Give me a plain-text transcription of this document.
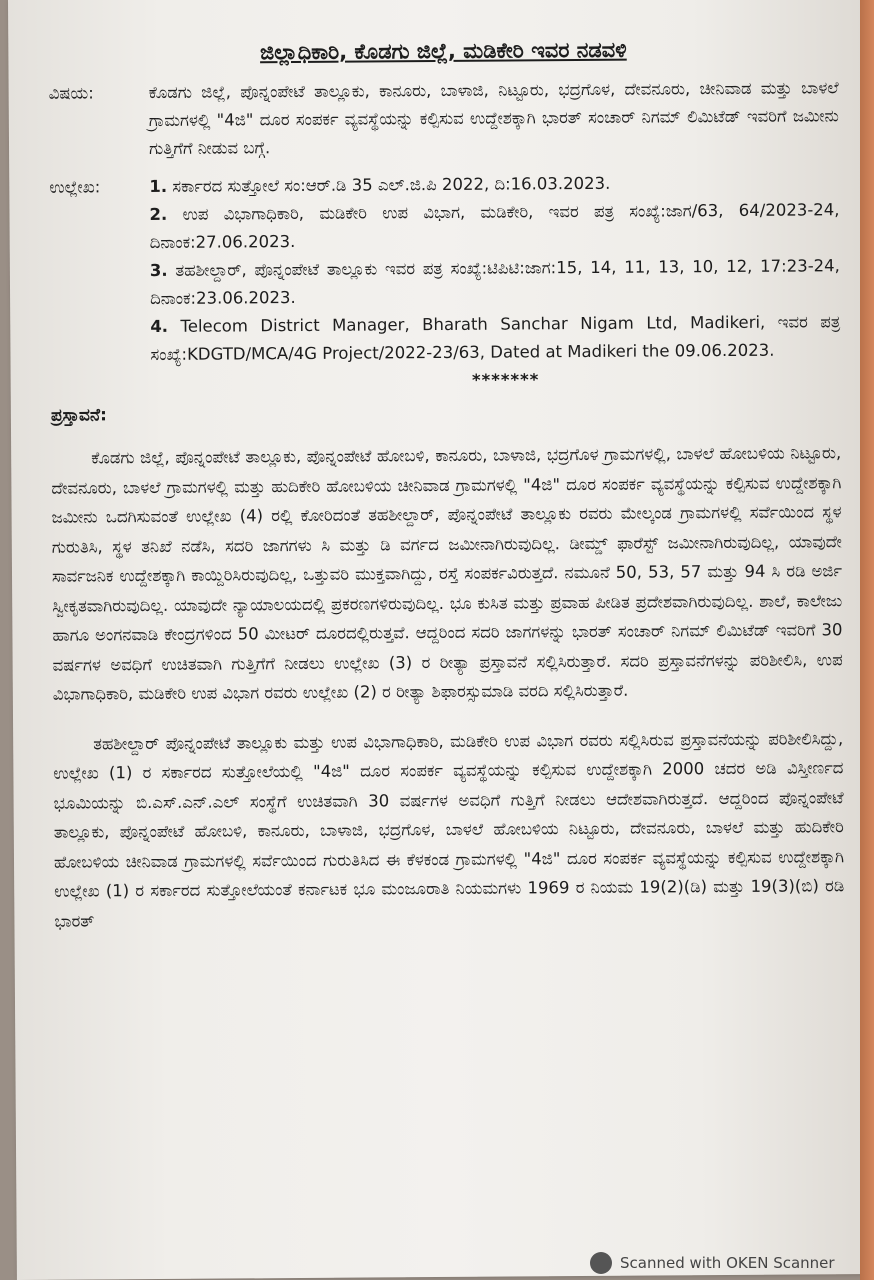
ಜಿಲ್ಲಾಧಿಕಾರಿ, ಕೊಡಗು ಜಿಲ್ಲೆ, ಮಡಿಕೇರಿ ಇವರ ನಡವಳಿ
ವಿಷಯ:	ಕೊಡಗು ಜಿಲ್ಲೆ, ಪೊನ್ನಂಪೇಟೆ ತಾಲ್ಲೂಕು, ಕಾನೂರು, ಬಾಳಾಜಿ, ನಿಟ್ಟೂರು, ಭದ್ರಗೊಳ, ದೇವನೂರು, ಚೀನಿವಾಡ ಮತ್ತು ಬಾಳಲೆ ಗ್ರಾಮಗಳಲ್ಲಿ "4ಜಿ" ದೂರ ಸಂಪರ್ಕ ವ್ಯವಸ್ಥೆಯನ್ನು ಕಲ್ಪಿಸುವ ಉದ್ದೇಶಕ್ಕಾಗಿ ಭಾರತ್ ಸಂಚಾರ್ ನಿಗಮ್ ಲಿಮಿಟೆಡ್ ಇವರಿಗೆ ಜಮೀನು ಗುತ್ತಿಗೆಗೆ ನೀಡುವ ಬಗ್ಗೆ.
ಉಲ್ಲೇಖ:	1. ಸರ್ಕಾರದ ಸುತ್ತೋಲೆ ಸಂ:ಆರ್.ಡಿ 35 ಎಲ್.ಜಿ.ಪಿ 2022, ದಿ:16.03.2023.
2. ಉಪ ವಿಭಾಗಾಧಿಕಾರಿ, ಮಡಿಕೇರಿ ಉಪ ವಿಭಾಗ, ಮಡಿಕೇರಿ, ಇವರ ಪತ್ರ ಸಂಖ್ಯೆ:ಜಾಗ/63, 64/2023-24, ದಿನಾಂಕ:27.06.2023.
3. ತಹಶೀಲ್ದಾರ್, ಪೊನ್ನಂಪೇಟೆ ತಾಲ್ಲೂಕು ಇವರ ಪತ್ರ ಸಂಖ್ಯೆ:ಟಿಪಿಟಿ:ಜಾಗ:15, 14, 11, 13, 10, 12, 17:23-24, ದಿನಾಂಕ:23.06.2023.
4. Telecom District Manager, Bharath Sanchar Nigam Ltd, Madikeri, ಇವರ ಪತ್ರ ಸಂಖ್ಯೆ:KDGTD/MCA/4G Project/2022-23/63, Dated at Madikeri the 09.06.2023.
*******
ಪ್ರಸ್ತಾವನೆ:

ಕೊಡಗು ಜಿಲ್ಲೆ, ಪೊನ್ನಂಪೇಟೆ ತಾಲ್ಲೂಕು, ಪೊನ್ನಂಪೇಟೆ ಹೋಬಳಿ, ಕಾನೂರು, ಬಾಳಾಜಿ, ಭದ್ರಗೊಳ ಗ್ರಾಮಗಳಲ್ಲಿ, ಬಾಳಲೆ ಹೋಬಳಿಯ ನಿಟ್ಟೂರು, ದೇವನೂರು, ಬಾಳಲೆ ಗ್ರಾಮಗಳಲ್ಲಿ ಮತ್ತು ಹುದಿಕೇರಿ ಹೋಬಳಿಯ ಚೀನಿವಾಡ ಗ್ರಾಮಗಳಲ್ಲಿ "4ಜಿ" ದೂರ ಸಂಪರ್ಕ ವ್ಯವಸ್ಥೆಯನ್ನು ಕಲ್ಪಿಸುವ ಉದ್ದೇಶಕ್ಕಾಗಿ ಜಮೀನು ಒದಗಿಸುವಂತೆ ಉಲ್ಲೇಖ (4) ರಲ್ಲಿ ಕೋರಿದಂತೆ ತಹಶೀಲ್ದಾರ್, ಪೊನ್ನಂಪೇಟೆ ತಾಲ್ಲೂಕು ರವರು ಮೇಲ್ಕಂಡ ಗ್ರಾಮಗಳಲ್ಲಿ ಸರ್ವೆಯಿಂದ ಸ್ಥಳ ಗುರುತಿಸಿ, ಸ್ಥಳ ತನಿಖೆ ನಡೆಸಿ, ಸದರಿ ಜಾಗಗಳು ಸಿ ಮತ್ತು ಡಿ ವರ್ಗದ ಜಮೀನಾಗಿರುವುದಿಲ್ಲ. ಡೀಮ್ಡ್ ಫಾರೆಸ್ಟ್ ಜಮೀನಾಗಿರುವುದಿಲ್ಲ, ಯಾವುದೇ ಸಾರ್ವಜನಿಕ ಉದ್ದೇಶಕ್ಕಾಗಿ ಕಾಯ್ದಿರಿಸಿರುವುದಿಲ್ಲ, ಒತ್ತುವರಿ ಮುಕ್ತವಾಗಿದ್ದು, ರಸ್ತೆ ಸಂಪರ್ಕವಿರುತ್ತದೆ. ನಮೂನೆ 50, 53, 57 ಮತ್ತು 94 ಸಿ ರಡಿ ಅರ್ಜಿ ಸ್ವೀಕೃತವಾಗಿರುವುದಿಲ್ಲ. ಯಾವುದೇ ನ್ಯಾಯಾಲಯದಲ್ಲಿ ಪ್ರಕರಣಗಳಿರುವುದಿಲ್ಲ. ಭೂ ಕುಸಿತ ಮತ್ತು ಪ್ರವಾಹ ಪೀಡಿತ ಪ್ರದೇಶವಾಗಿರುವುದಿಲ್ಲ. ಶಾಲೆ, ಕಾಲೇಜು ಹಾಗೂ ಅಂಗನವಾಡಿ ಕೇಂದ್ರಗಳಿಂದ 50 ಮೀಟರ್ ದೂರದಲ್ಲಿರುತ್ತವೆ. ಆದ್ದರಿಂದ ಸದರಿ ಜಾಗಗಳನ್ನು ಭಾರತ್ ಸಂಚಾರ್ ನಿಗಮ್ ಲಿಮಿಟೆಡ್ ಇವರಿಗೆ 30 ವರ್ಷಗಳ ಅವಧಿಗೆ ಉಚಿತವಾಗಿ ಗುತ್ತಿಗೆಗೆ ನೀಡಲು ಉಲ್ಲೇಖ (3) ರ ರೀತ್ಯಾ ಪ್ರಸ್ತಾವನೆ ಸಲ್ಲಿಸಿರುತ್ತಾರೆ. ಸದರಿ ಪ್ರಸ್ತಾವನೆಗಳನ್ನು ಪರಿಶೀಲಿಸಿ, ಉಪ ವಿಭಾಗಾಧಿಕಾರಿ, ಮಡಿಕೇರಿ ಉಪ ವಿಭಾಗ ರವರು ಉಲ್ಲೇಖ (2) ರ ರೀತ್ಯಾ ಶಿಫಾರಸ್ಸುಮಾಡಿ ವರದಿ ಸಲ್ಲಿಸಿರುತ್ತಾರೆ.

ತಹಶೀಲ್ದಾರ್ ಪೊನ್ನಂಪೇಟೆ ತಾಲ್ಲೂಕು ಮತ್ತು ಉಪ ವಿಭಾಗಾಧಿಕಾರಿ, ಮಡಿಕೇರಿ ಉಪ ವಿಭಾಗ ರವರು ಸಲ್ಲಿಸಿರುವ ಪ್ರಸ್ತಾವನೆಯನ್ನು ಪರಿಶೀಲಿಸಿದ್ದು, ಉಲ್ಲೇಖ (1) ರ ಸರ್ಕಾರದ ಸುತ್ತೋಲೆಯಲ್ಲಿ "4ಜಿ" ದೂರ ಸಂಪರ್ಕ ವ್ಯವಸ್ಥೆಯನ್ನು ಕಲ್ಪಿಸುವ ಉದ್ದೇಶಕ್ಕಾಗಿ 2000 ಚದರ ಅಡಿ ವಿಸ್ತೀರ್ಣದ ಭೂಮಿಯನ್ನು ಬಿ.ಎಸ್.ಎನ್.ಎಲ್ ಸಂಸ್ಥೆಗೆ ಉಚಿತವಾಗಿ 30 ವರ್ಷಗಳ ಅವಧಿಗೆ ಗುತ್ತಿಗೆ ನೀಡಲು ಆದೇಶವಾಗಿರುತ್ತದೆ. ಆದ್ದರಿಂದ ಪೊನ್ನಂಪೇಟೆ ತಾಲ್ಲೂಕು, ಪೊನ್ನಂಪೇಟೆ ಹೋಬಳಿ, ಕಾನೂರು, ಬಾಳಾಜಿ, ಭದ್ರಗೊಳ, ಬಾಳಲೆ ಹೋಬಳಿಯ ನಿಟ್ಟೂರು, ದೇವನೂರು, ಬಾಳಲೆ ಮತ್ತು ಹುದಿಕೇರಿ ಹೋಬಳಿಯ ಚೀನಿವಾಡ ಗ್ರಾಮಗಳಲ್ಲಿ ಸರ್ವೆಯಿಂದ ಗುರುತಿಸಿದ ಈ ಕೆಳಕಂಡ ಗ್ರಾಮಗಳಲ್ಲಿ "4ಜಿ" ದೂರ ಸಂಪರ್ಕ ವ್ಯವಸ್ಥೆಯನ್ನು ಕಲ್ಪಿಸುವ ಉದ್ದೇಶಕ್ಕಾಗಿ ಉಲ್ಲೇಖ (1) ರ ಸರ್ಕಾರದ ಸುತ್ತೋಲೆಯಂತೆ ಕರ್ನಾಟಕ ಭೂ ಮಂಜೂರಾತಿ ನಿಯಮಗಳು 1969 ರ ನಿಯಮ 19(2)(ಡಿ) ಮತ್ತು 19(3)(ಬಿ) ರಡಿ ಭಾರತ್

Scanned with OKEN Scanner
